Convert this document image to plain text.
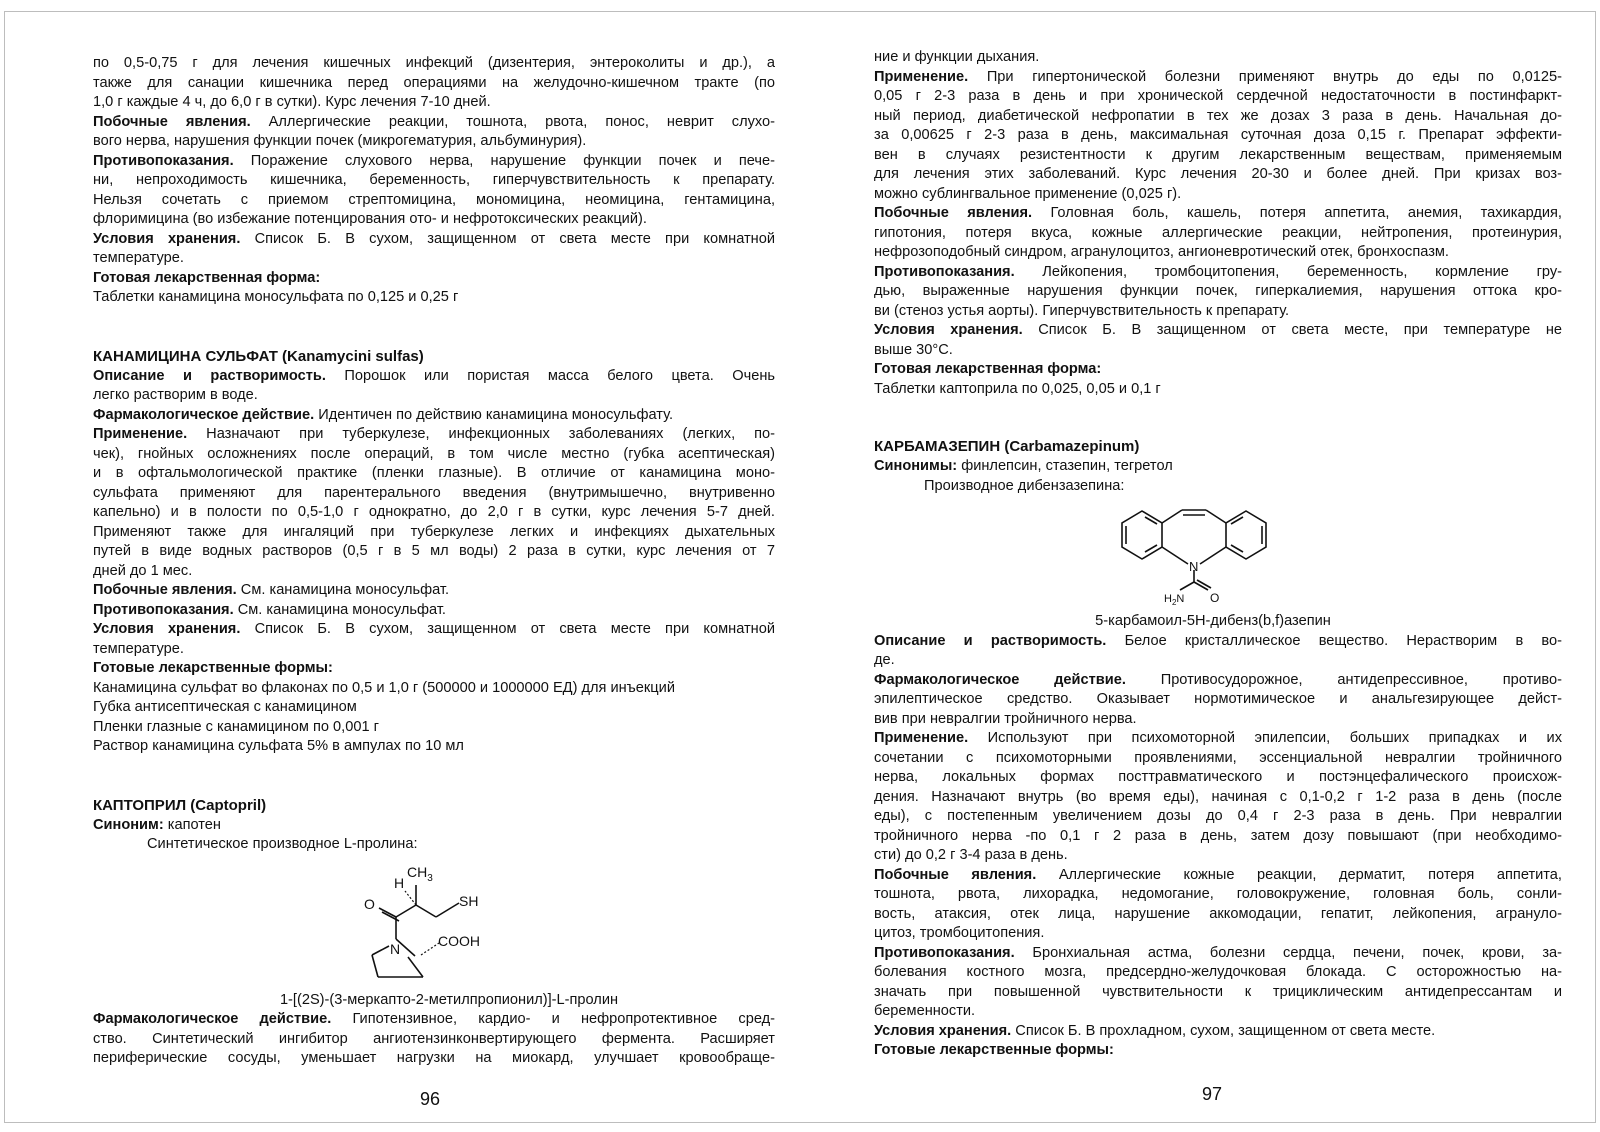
по 0,5-0,75 г для лечения кишечных инфекций (дизентерия, энтероколиты и др.), а
также для санации кишечника перед операциями на желудочно-кишечном тракте (по
1,0 г каждые 4 ч, до 6,0 г в сутки). Курс лечения 7-10 дней.
Побочные явления. Аллергические реакции, тошнота, рвота, понос, неврит слухо-
вого нерва, нарушения функции почек (микрогематурия, альбуминурия).
Противопоказания. Поражение слухового нерва, нарушение функции почек и пече-
ни, непроходимость кишечника, беременность, гиперчувствительность к препарату.
Нельзя сочетать с приемом стрептомицина, мономицина, неомицина, гентамицина,
флоримицина (во избежание потенцирования ото- и нефротоксических реакций).
Условия хранения. Список Б. В сухом, защищенном от света месте при комнатной
температуре.
Готовая лекарственная форма:
Таблетки канамицина моносульфата по 0,125 и 0,25 г
КАНАМИЦИНА СУЛЬФАТ (Kanamycini sulfas)
Описание и растворимость. Порошок или пористая масса белого цвета. Очень
легко растворим в воде.
Фармакологическое действие. Идентичен по действию канамицина моносульфату.
Применение. Назначают при туберкулезе, инфекционных заболеваниях (легких, по-
чек), гнойных осложнениях после операций, в том числе местно (губка асептическая)
и в офтальмологической практике (пленки глазные). В отличие от канамицина моно-
сульфата применяют для парентерального введения (внутримышечно, внутривенно
капельно) и в полости по 0,5-1,0 г однократно, до 2,0 г в сутки, курс лечения 5-7 дней.
Применяют также для ингаляций при туберкулезе легких и инфекциях дыхательных
путей в виде водных растворов (0,5 г в 5 мл воды) 2 раза в сутки, курс лечения от 7
дней до 1 мес.
Побочные явления. См. канамицина моносульфат.
Противопоказания. См. канамицина моносульфат.
Условия хранения. Список Б. В сухом, защищенном от света месте при комнатной
температуре.
Готовые лекарственные формы:
Канамицина сульфат во флаконах по 0,5 и 1,0 г (500000 и 1000000 ЕД) для инъекций
Губка антисептическая с канамицином
Пленки глазные с канамицином по 0,001 г
Раствор канамицина сульфата 5% в ампулах по 10 мл
КАПТОПРИЛ (Captopril)
Синоним: капотен
Синтетическое производное L-пролина:
$CH_3$
H
O	SH
N	COOH
1-[(2S)-(3-меркапто-2-метилпропионил)]-L-пролин
Фармакологическое действие. Гипотензивное, кардио- и нефропротективное сред-
ство. Синтетический ингибитор ангиотензинконвертирующего фермента. Расширяет
периферические сосуды, уменьшает нагрузки на миокард, улучшает кровообраще-
96
ние и функции дыхания.
Применение. При гипертонической болезни применяют внутрь до еды по 0,0125-
0,05 г 2-3 раза в день и при хронической сердечной недостаточности в постинфаркт-
ный период, диабетической нефропатии в тех же дозах 3 раза в день. Начальная до-
за 0,00625 г 2-3 раза в день, максимальная суточная доза 0,15 г. Препарат эффекти-
вен в случаях резистентности к другим лекарственным веществам, применяемым
для лечения этих заболеваний. Курс лечения 20-30 и более дней. При кризах воз-
можно сублингвальное применение (0,025 г).
Побочные явления. Головная боль, кашель, потеря аппетита, анемия, тахикардия,
гипотония, потеря вкуса, кожные аллергические реакции, нейтропения, протеинурия,
нефрозоподобный синдром, агранулоцитоз, ангионевротический отек, бронхоспазм.
Противопоказания. Лейкопения, тромбоцитопения, беременность, кормление гру-
дью, выраженные нарушения функции почек, гиперкалиемия, нарушения оттока кро-
ви (стеноз устья аорты). Гиперчувствительность к препарату.
Условия хранения. Список Б. В защищенном от света месте, при температуре не
выше 30°С.
Готовая лекарственная форма:
Таблетки каптоприла по 0,025, 0,05 и 0,1 г
КАРБАМАЗЕПИН (Carbamazepinum)
Синонимы: финлепсин, стазепин, тегретол
Производное дибензазепина:
N
$H_2N$ O
5-карбамоил-5H-дибенз(b,f)азепин
Описание и растворимость. Белое кристаллическое вещество. Нерастворим в во-
де.
Фармакологическое действие. Противосудорожное, антидепрессивное, противо-
эпилептическое средство. Оказывает нормотимическое и анальгезирующее дейст-
вив при невралгии тройничного нерва.
Применение. Используют при психомоторной эпилепсии, больших припадках и их
сочетании с психомоторными проявлениями, эссенциальной невралгии тройничного
нерва, локальных формах посттравматического и постэнцефалического происхож-
дения. Назначают внутрь (во время еды), начиная с 0,1-0,2 г 1-2 раза в день (после
еды), с постепенным увеличением дозы до 0,4 г 2-3 раза в день. При невралгии
тройничного нерва -по 0,1 г 2 раза в день, затем дозу повышают (при необходимо-
сти) до 0,2 г 3-4 раза в день.
Побочные явления. Аллергические кожные реакции, дерматит, потеря аппетита,
тошнота, рвота, лихорадка, недомогание, головокружение, головная боль, сонли-
вость, атаксия, отек лица, нарушение аккомодации, гепатит, лейкопения, агрануло-
цитоз, тромбоцитопения.
Противопоказания. Бронхиальная астма, болезни сердца, печени, почек, крови, за-
болевания костного мозга, предсердно-желудочковая блокада. С осторожностью на-
значать при повышенной чувствительности к трициклическим антидепрессантам и
беременности.
Условия хранения. Список Б. В прохладном, сухом, защищенном от света месте.
Готовые лекарственные формы:
97
